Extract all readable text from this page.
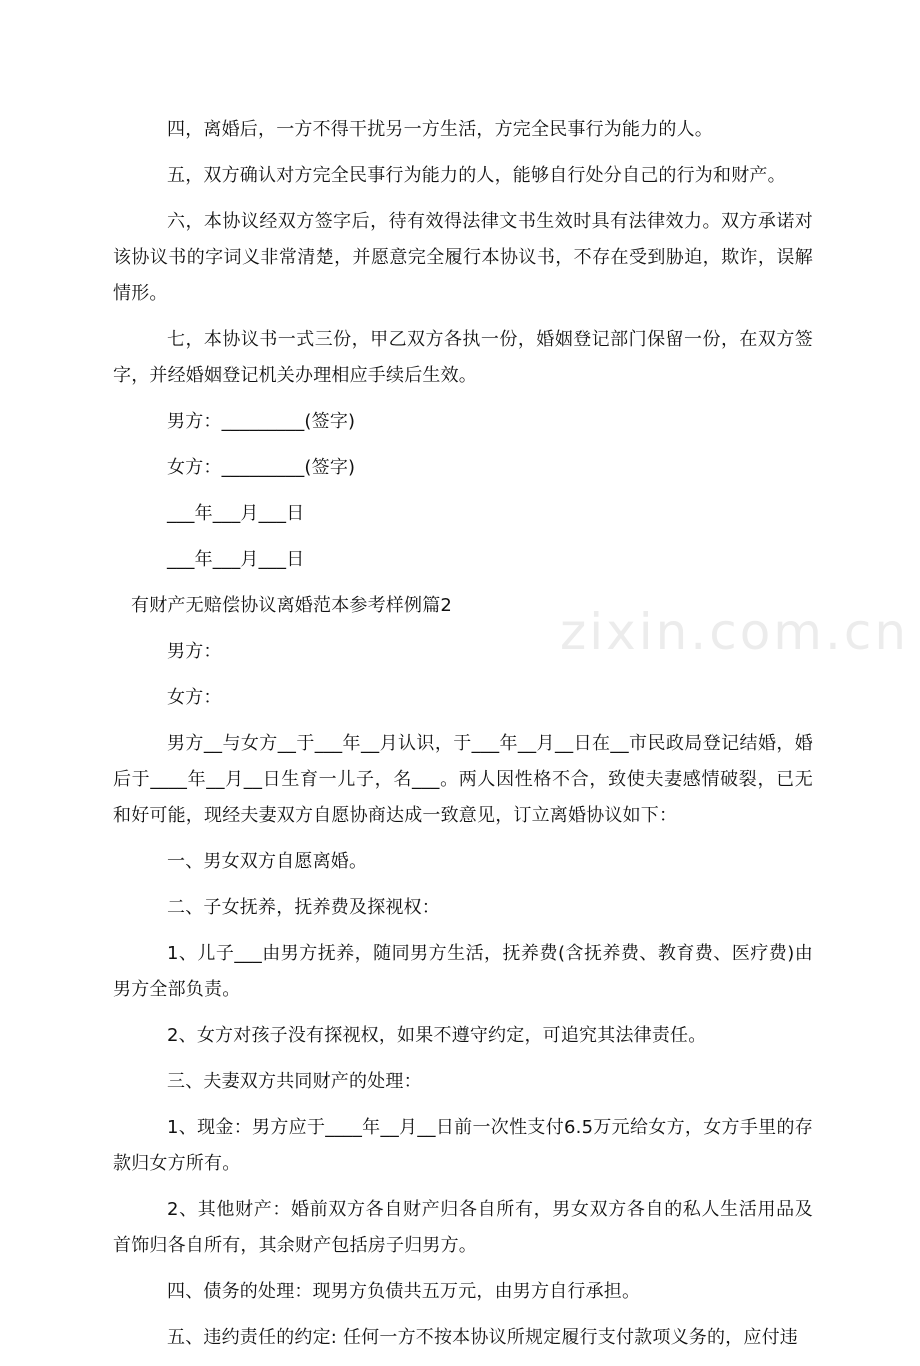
四，离婚后，一方不得干扰另一方生活，方完全民事行为能力的人。

五，双方确认对方完全民事行为能力的人，能够自行处分自己的行为和财产。

六，本协议经双方签字后，待有效得法律文书生效时具有法律效力。双方承诺对该协议书的字词义非常清楚，并愿意完全履行本协议书，不存在受到胁迫，欺诈，误解情形。

七，本协议书一式三份，甲乙双方各执一份，婚姻登记部门保留一份，在双方签字，并经婚姻登记机关办理相应手续后生效。

男方：_________(签字)

女方：_________(签字)

___年___月___日

___年___月___日

有财产无赔偿协议离婚范本参考样例篇2

男方：

女方：

男方__与女方__于___年__月认识，于___年__月__日在__市民政局登记结婚，婚后于____年__月__日生育一儿子，名___。两人因性格不合，致使夫妻感情破裂，已无和好可能，现经夫妻双方自愿协商达成一致意见，订立离婚协议如下：

一、男女双方自愿离婚。

二、子女抚养，抚养费及探视权：

1、儿子___由男方抚养，随同男方生活，抚养费(含抚养费、教育费、医疗费)由男方全部负责。

2、女方对孩子没有探视权，如果不遵守约定，可追究其法律责任。

三、夫妻双方共同财产的处理：

1、现金：男方应于____年__月__日前一次性支付6.5万元给女方，女方手里的存款归女方所有。

2、其他财产：婚前双方各自财产归各自所有，男女双方各自的私人生活用品及首饰归各自所有，其余财产包括房子归男方。

四、债务的处理：现男方负债共五万元，由男方自行承担。

五、违约责任的约定: 任何一方不按本协议所规定履行支付款项义务的，应付违

zixin.com.cn
